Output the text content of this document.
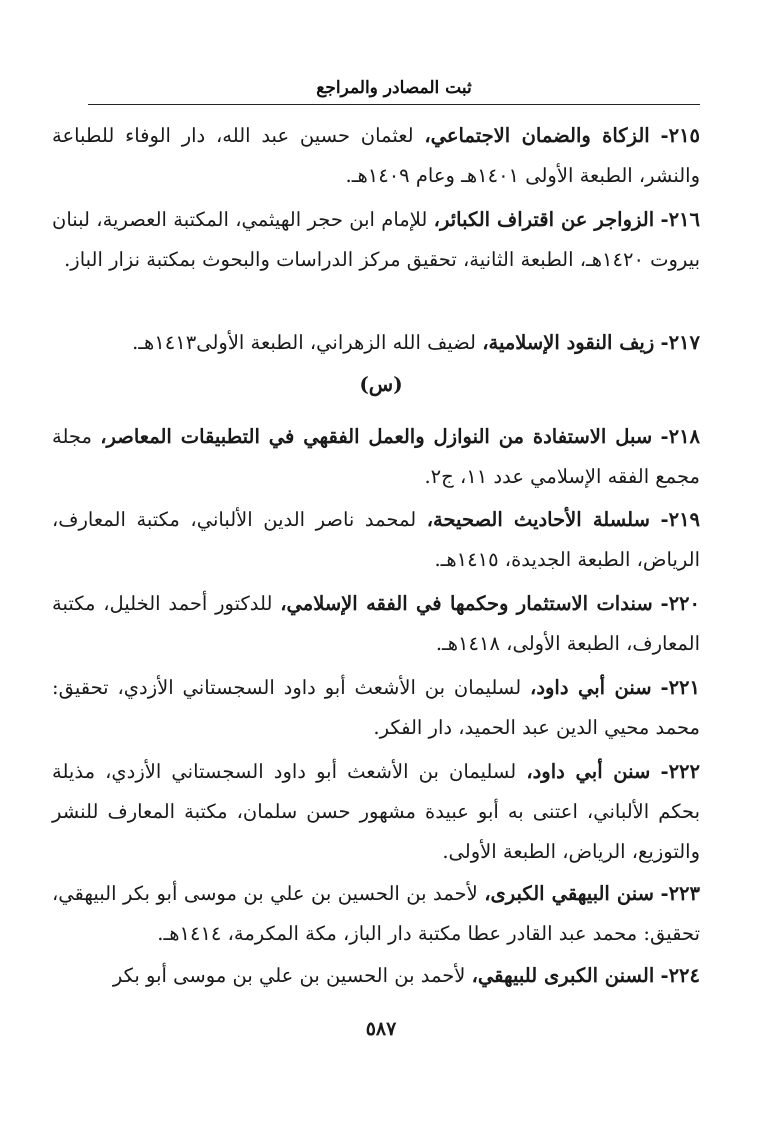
ثبت المصادر والمراجع
٢١٥- الزكاة والضمان الاجتماعي، لعثمان حسين عبد الله، دار الوفاء للطباعة والنشر، الطبعة الأولى ١٤٠١هـ وعام ١٤٠٩هـ.
٢١٦- الزواجر عن اقتراف الكبائر، للإمام ابن حجر الهيثمي، المكتبة العصرية، لبنان بيروت ١٤٢٠هـ، الطبعة الثانية، تحقيق مركز الدراسات والبحوث بمكتبة نزار الباز.
٢١٧- زيف النقود الإسلامية، لضيف الله الزهراني، الطبعة الأولى١٤١٣هـ.
(س)
٢١٨- سبل الاستفادة من النوازل والعمل الفقهي في التطبيقات المعاصر، مجلة مجمع الفقه الإسلامي عدد ١١، ج٢.
٢١٩- سلسلة الأحاديث الصحيحة، لمحمد ناصر الدين الألباني، مكتبة المعارف، الرياض، الطبعة الجديدة، ١٤١٥هـ.
٢٢٠- سندات الاستثمار وحكمها في الفقه الإسلامي، للدكتور أحمد الخليل، مكتبة المعارف، الطبعة الأولى، ١٤١٨هـ.
٢٢١- سنن أبي داود، لسليمان بن الأشعث أبو داود السجستاني الأزدي، تحقيق: محمد محيي الدين عبد الحميد، دار الفكر.
٢٢٢- سنن أبي داود، لسليمان بن الأشعث أبو داود السجستاني الأزدي، مذيلة بحكم الألباني، اعتنى به أبو عبيدة مشهور حسن سلمان، مكتبة المعارف للنشر والتوزيع، الرياض، الطبعة الأولى.
٢٢٣- سنن البيهقي الكبرى، لأحمد بن الحسين بن علي بن موسى أبو بكر البيهقي، تحقيق: محمد عبد القادر عطا مكتبة دار الباز، مكة المكرمة، ١٤١٤هـ.
٢٢٤- السنن الكبرى للبيهقي، لأحمد بن الحسين بن علي بن موسى أبو بكر
٥٨٧
